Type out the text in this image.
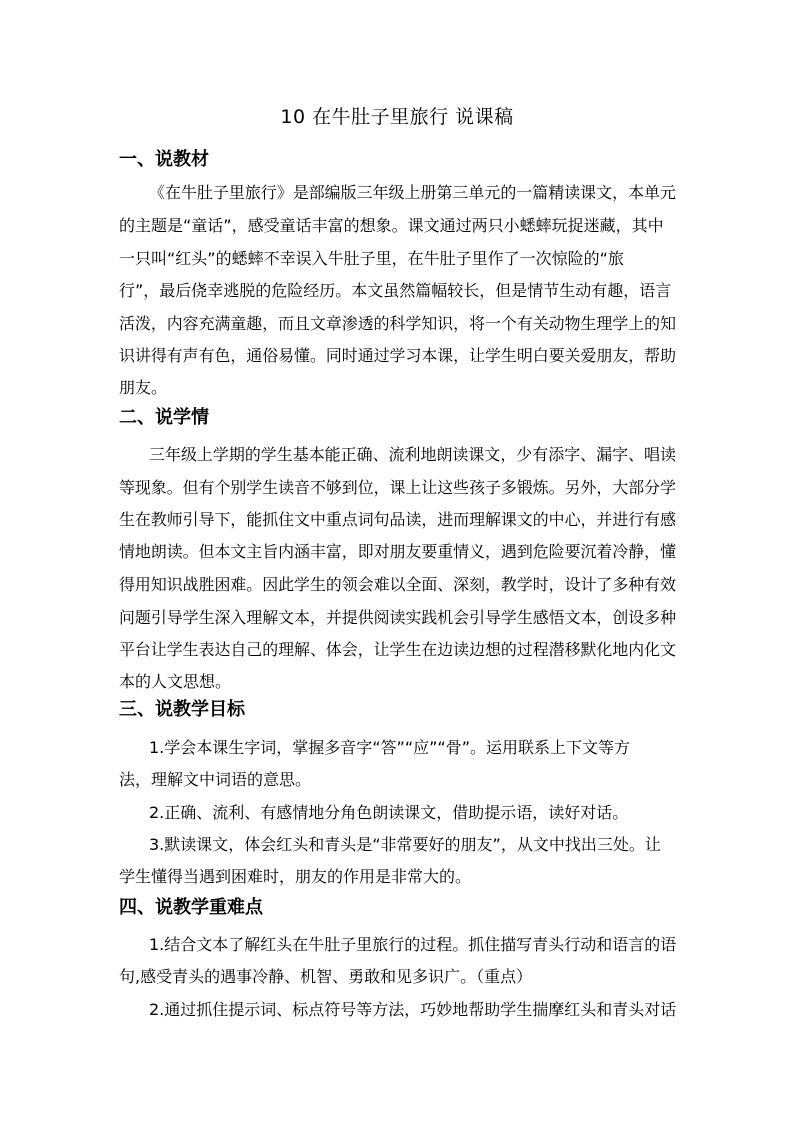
10 在牛肚子里旅行 说课稿
一、说教材
《在牛肚子里旅行》是部编版三年级上册第三单元的一篇精读课文，本单元
的主题是“童话”，感受童话丰富的想象。课文通过两只小蟋蟀玩捉迷藏，其中
一只叫“红头”的蟋蟀不幸误入牛肚子里，在牛肚子里作了一次惊险的“旅
行”，最后侥幸逃脱的危险经历。本文虽然篇幅较长，但是情节生动有趣，语言
活泼，内容充满童趣，而且文章渗透的科学知识，将一个有关动物生理学上的知
识讲得有声有色，通俗易懂。同时通过学习本课，让学生明白要关爱朋友，帮助
朋友。
二、说学情
三年级上学期的学生基本能正确、流利地朗读课文，少有添字、漏字、唱读
等现象。但有个别学生读音不够到位，课上让这些孩子多锻炼。另外，大部分学
生在教师引导下，能抓住文中重点词句品读，进而理解课文的中心，并进行有感
情地朗读。但本文主旨内涵丰富，即对朋友要重情义，遇到危险要沉着冷静，懂
得用知识战胜困难。因此学生的领会难以全面、深刻，教学时，设计了多种有效
问题引导学生深入理解文本，并提供阅读实践机会引导学生感悟文本，创设多种
平台让学生表达自己的理解、体会，让学生在边读边想的过程潜移默化地内化文
本的人文思想。
三、说教学目标
1.学会本课生字词，掌握多音字“答”“应”“骨”。运用联系上下文等方
法，理解文中词语的意思。
2.正确、流利、有感情地分角色朗读课文，借助提示语，读好对话。
3.默读课文，体会红头和青头是“非常要好的朋友”，从文中找出三处。让
学生懂得当遇到困难时，朋友的作用是非常大的。
四、说教学重难点
1.结合文本了解红头在牛肚子里旅行的过程。抓住描写青头行动和语言的语
句,感受青头的遇事冷静、机智、勇敢和见多识广。（重点）
2.通过抓住提示词、标点符号等方法，巧妙地帮助学生揣摩红头和青头对话
